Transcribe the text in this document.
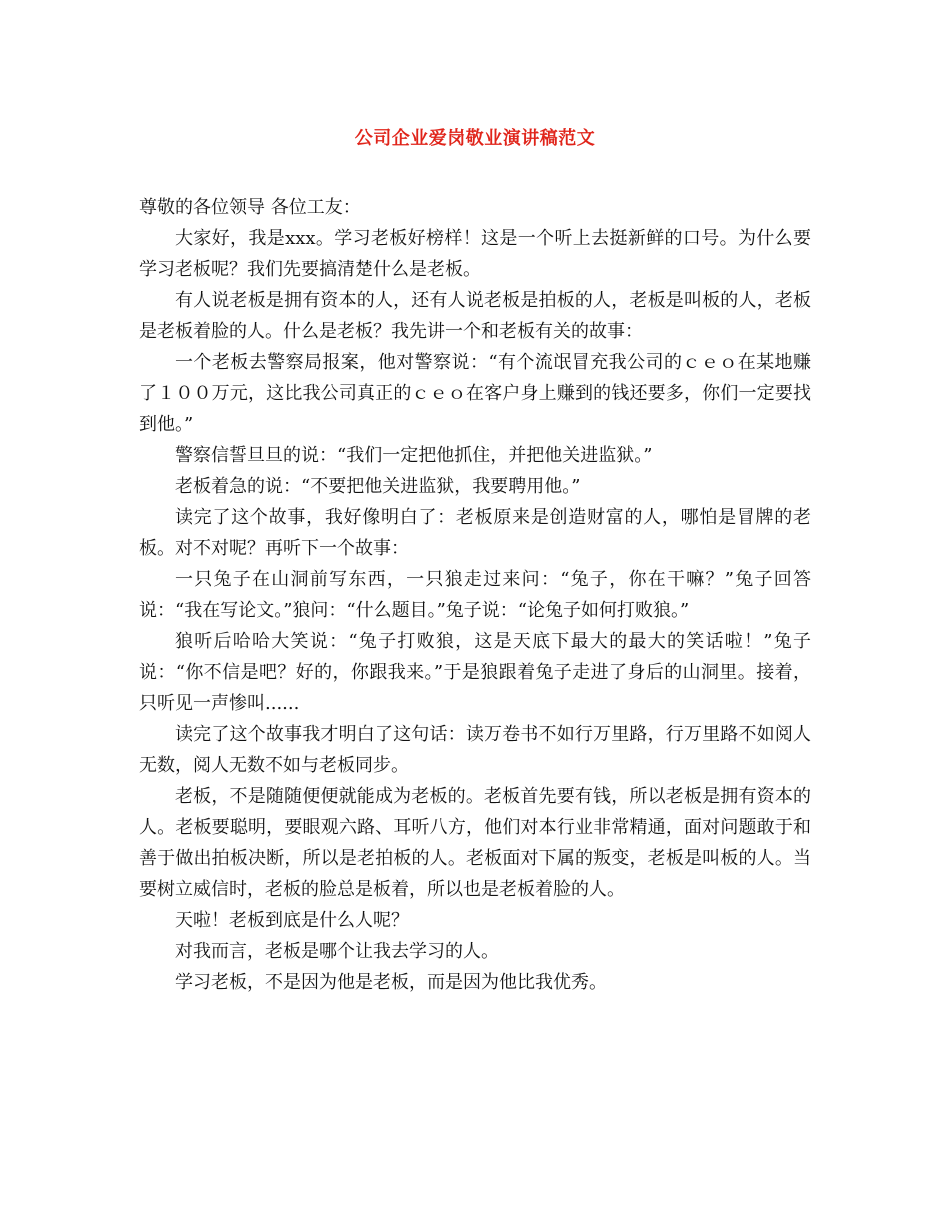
公司企业爱岗敬业演讲稿范文

尊敬的各位领导 各位工友：

大家好，我是xxx。学习老板好榜样！这是一个听上去挺新鲜的口号。为什么要学习老板呢？我们先要搞清楚什么是老板。

有人说老板是拥有资本的人，还有人说老板是拍板的人，老板是叫板的人，老板是老板着脸的人。什么是老板？我先讲一个和老板有关的故事：

一个老板去警察局报案，他对警察说：“有个流氓冒充我公司的ｃｅｏ在某地赚了１００万元，这比我公司真正的ｃｅｏ在客户身上赚到的钱还要多，你们一定要找到他。”

警察信誓旦旦的说：“我们一定把他抓住，并把他关进监狱。”

老板着急的说：“不要把他关进监狱，我要聘用他。”

读完了这个故事，我好像明白了：老板原来是创造财富的人，哪怕是冒牌的老板。对不对呢？再听下一个故事：

一只兔子在山洞前写东西，一只狼走过来问：“兔子，你在干嘛？”兔子回答说：“我在写论文。”狼问：“什么题目。”兔子说：“论兔子如何打败狼。”

狼听后哈哈大笑说：“兔子打败狼，这是天底下最大的最大的笑话啦！”兔子说：“你不信是吧？好的，你跟我来。”于是狼跟着兔子走进了身后的山洞里。接着，只听见一声惨叫......

读完了这个故事我才明白了这句话：读万卷书不如行万里路，行万里路不如阅人无数，阅人无数不如与老板同步。

老板，不是随随便便就能成为老板的。老板首先要有钱，所以老板是拥有资本的人。老板要聪明，要眼观六路、耳听八方，他们对本行业非常精通，面对问题敢于和善于做出拍板决断，所以是老拍板的人。老板面对下属的叛变，老板是叫板的人。当要树立威信时，老板的脸总是板着，所以也是老板着脸的人。

天啦！老板到底是什么人呢？

对我而言，老板是哪个让我去学习的人。

学习老板，不是因为他是老板，而是因为他比我优秀。
